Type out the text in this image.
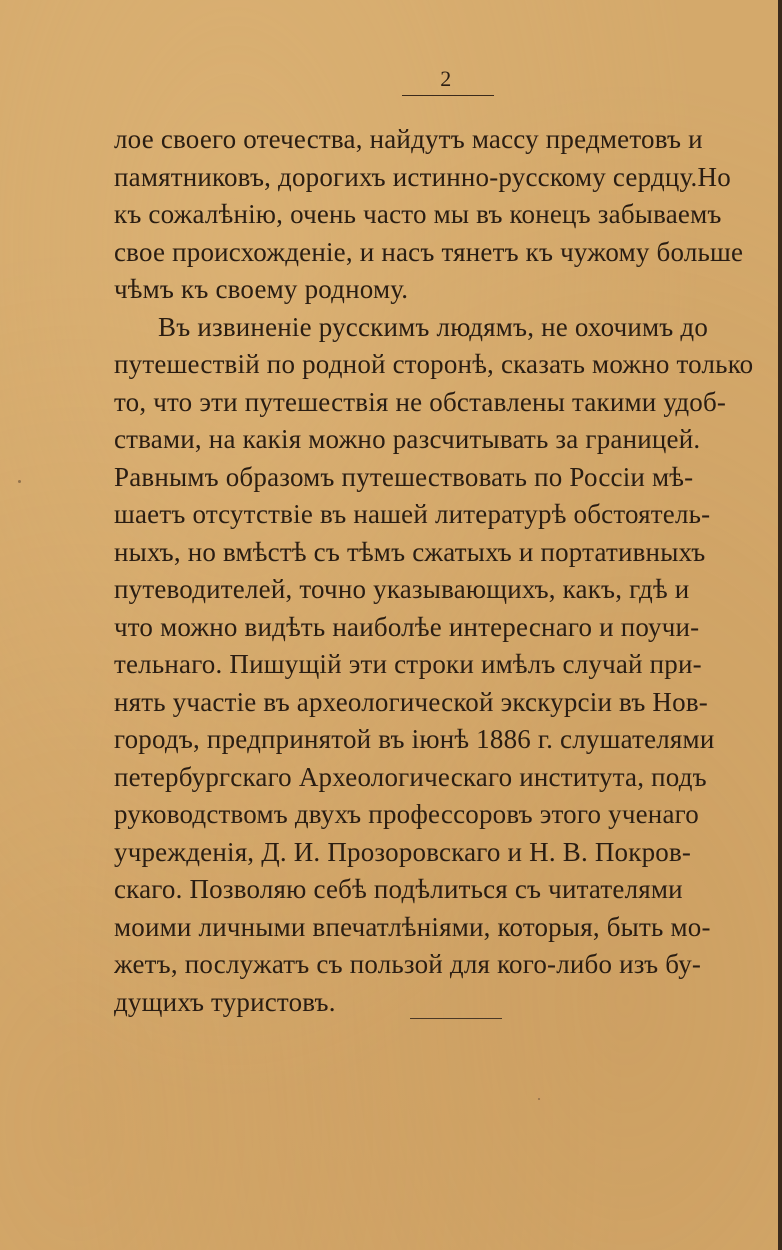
2
лое своего отечества, найдутъ массу предметовъ и
памятниковъ, дорогихъ истинно-русскому сердцу.Но
къ сожалѣнію, очень часто мы въ конецъ забываемъ
свое происхожденіе, и насъ тянетъ къ чужому больше
чѣмъ къ своему родному.
Въ извиненіе русскимъ людямъ, не охочимъ до
путешествій по родной сторонѣ, сказать можно только
то, что эти путешествія не обставлены такими удоб-
ствами, на какія можно разсчитывать за границей.
Равнымъ образомъ путешествовать по Россіи мѣ-
шаетъ отсутствіе въ нашей литературѣ обстоятель-
ныхъ, но вмѣстѣ съ тѣмъ сжатыхъ и портативныхъ
путеводителей, точно указывающихъ, какъ, гдѣ и
что можно видѣть наиболѣе интереснаго и поучи-
тельнаго. Пишущій эти строки имѣлъ случай при-
нять участіе въ археологической экскурсіи въ Нов-
городъ, предпринятой въ іюнѣ 1886 г. слушателями
петербургскаго Археологическаго института, подъ
руководствомъ двухъ профессоровъ этого ученаго
учрежденія, Д. И. Прозоровскаго и Н. В. Покров-
скаго. Позволяю себѣ подѣлиться съ читателями
моими личными впечатлѣніями, которыя, быть мо-
жетъ, послужатъ съ пользой для кого-либо изъ бу-
дущихъ туристовъ.
